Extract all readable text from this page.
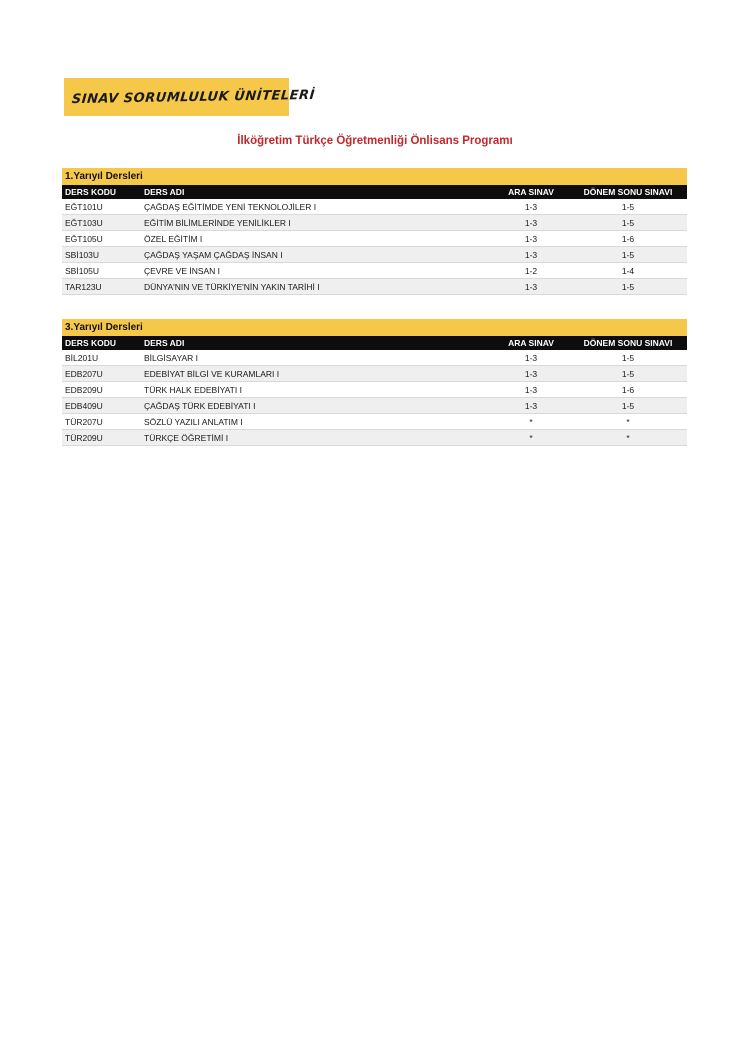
SINAV SORUMLULUK ÜNİTELERİ
İlköğretim Türkçe Öğretmenliği Önlisans Programı
1.Yarıyıl Dersleri
DERS KODU	DERS ADI	ARA SINAV	DÖNEM SONU SINAVI
EĞT101U	ÇAĞDAŞ EĞİTİMDE YENİ TEKNOLOJİLER I	1-3	1-5
EĞT103U	EĞİTİM BİLİMLERİNDE YENİLİKLER I	1-3	1-5
EĞT105U	ÖZEL EĞİTİM I	1-3	1-6
SBİ103U	ÇAĞDAŞ YAŞAM ÇAĞDAŞ İNSAN I	1-3	1-5
SBİ105U	ÇEVRE VE İNSAN I	1-2	1-4
TAR123U	DÜNYA'NIN VE TÜRKİYE'NİN YAKIN TARİHİ I	1-3	1-5
3.Yarıyıl Dersleri
DERS KODU	DERS ADI	ARA SINAV	DÖNEM SONU SINAVI
BİL201U	BİLGİSAYAR I	1-3	1-5
EDB207U	EDEBİYAT BİLGİ VE KURAMLARI I	1-3	1-5
EDB209U	TÜRK HALK EDEBİYATI I	1-3	1-6
EDB409U	ÇAĞDAŞ TÜRK EDEBİYATI I	1-3	1-5
TÜR207U	SÖZLÜ YAZILI ANLATIM I	*	*
TÜR209U	TÜRKÇE ÖĞRETİMİ I	*	*
